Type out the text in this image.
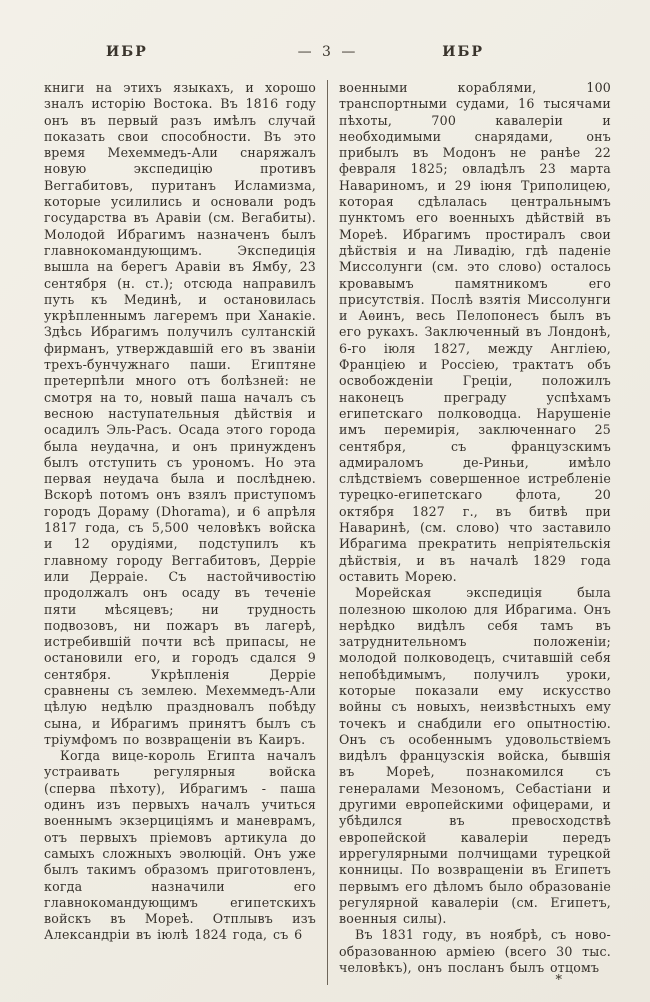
ИБР	— 3 —	ИБР

книги на этихъ языкахъ, и хорошо зналъ исторію Востока. Въ 1816 году онъ въ первый разъ имѣлъ случай показать свои способности. Въ это время Мехеммедъ-Али снаряжалъ новую экспедицію противъ Веггабитовъ, пуританъ Исламизма, которые усилились и основали родъ государства въ Аравіи (см. Вегабиты). Молодой Ибрагимъ назначенъ былъ главнокомандующимъ. Экспедиція вышла на берегъ Аравіи въ Ямбу, 23 сентября (н. ст.); отсюда направилъ путь къ Мединѣ, и остановилась укрѣпленнымъ лагеремъ при Ханакіе. Здѣсь Ибрагимъ получилъ султанскій фирманъ, утверждавшій его въ званіи трехъ-бунчужнаго паши. Египтяне претерпѣли много отъ болѣзней: не смотря на то, новый паша началъ съ весною наступательныя дѣйствія и осадилъ Эль-Расъ. Осада этого города была неудачна, и онъ принужденъ былъ отступить съ урономъ. Но эта первая неудача была и послѣднею. Вскорѣ потомъ онъ взялъ приступомъ городъ Дораму (Dhorama), и 6 апрѣля 1817 года, съ 5,500 человѣкъ войска и 12 орудіями, подступилъ къ главному городу Веггабитовъ, Дерріе или Дерраіе. Съ настойчивостію продолжалъ онъ осаду въ теченіе пяти мѣсяцевъ; ни трудность подвозовъ, ни пожаръ въ лагерѣ, истребившій почти всѣ припасы, не остановили его, и городъ сдался 9 сентября. Укрѣпленія Дерріе сравнены съ землею. Мехеммедъ-Али цѣлую недѣлю праздновалъ побѣду сына, и Ибрагимъ принятъ былъ съ тріумфомъ по возвращеніи въ Каиръ.

Когда вице-король Египта началъ устраивать регулярныя войска (сперва пѣхоту), Ибрагимъ - паша одинъ изъ первыхъ началъ учиться военнымъ экзерциціямъ и маневрамъ, отъ первыхъ пріемовъ артикула до самыхъ сложныхъ эволюцій. Онъ уже былъ такимъ образомъ приготовленъ, когда назначили его главнокомандующимъ египетскихъ войскъ въ Мореѣ. Отплывъ изъ Александріи въ іюлѣ 1824 года, съ 6

военными кораблями, 100 транспортными судами, 16 тысячами пѣхоты, 700 кавалеріи и необходимыми снарядами, онъ прибылъ въ Модонъ не ранѣе 22 февраля 1825; овладѣлъ 23 марта Навариномъ, и 29 іюня Триполицею, которая сдѣлалась центральнымъ пунктомъ его военныхъ дѣйствій въ Мореѣ. Ибрагимъ простиралъ свои дѣйствія и на Ливадію, гдѣ паденіе Миссолунги (см. это слово) осталось кровавымъ памятникомъ его присутствія. Послѣ взятія Миссолунги и Аѳинъ, весь Пелопонесъ былъ въ его рукахъ. Заключенный въ Лондонѣ, 6-го іюля 1827, между Англіею, Франціею и Россіею, трактатъ объ освобожденіи Греціи, положилъ наконецъ преграду успѣхамъ египетскаго полководца. Нарушеніе имъ перемирія, заключеннаго 25 сентября, съ французскимъ адмираломъ де-Риньи, имѣло слѣдствіемъ совершенное истребленіе турецко-египетскаго флота, 20 октября 1827 г., въ битвѣ при Наваринѣ, (см. слово) что заставило Ибрагима прекратить непріятельскія дѣйствія, и въ началѣ 1829 года оставить Морею.

Морейская экспедиція была полезною школою для Ибрагима. Онъ нерѣдко видѣлъ себя тамъ въ затруднительномъ положеніи; молодой полководецъ, считавшій себя непобѣдимымъ, получилъ уроки, которые показали ему искусство войны съ новыхъ, неизвѣстныхъ ему точекъ и снабдили его опытностію. Онъ съ особеннымъ удовольствіемъ видѣлъ французскія войска, бывшія въ Мореѣ, познакомился съ генералами Мезономъ, Себастіани и другими европейскими офицерами, и убѣдился въ превосходствѣ европейской кавалеріи передъ иррегулярными полчищами турецкой конницы. По возвращеніи въ Египетъ первымъ его дѣломъ было образованіе регулярной кавалеріи (см. Египетъ, военныя силы).

Въ 1831 году, въ ноябрѣ, съ ново-образованною арміею (всего 30 тыс. человѣкъ), онъ посланъ былъ отцомъ

*
